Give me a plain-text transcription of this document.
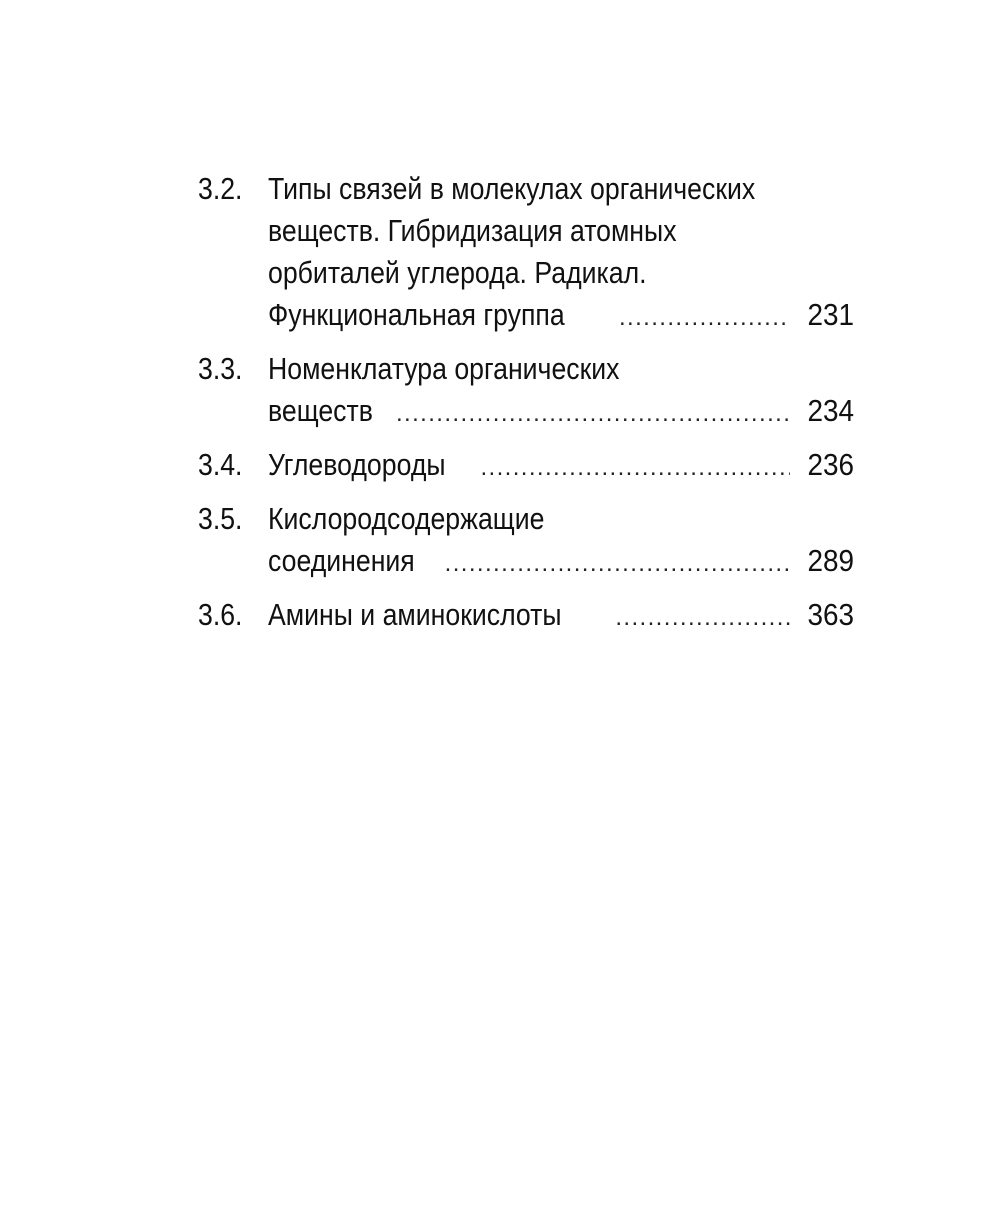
3.2. Типы связей в молекулах органических
веществ. Гибридизация атомных
орбиталей углерода. Радикал.
Функциональная группа .....	231
3.3. Номенклатура органических
веществ .....	234
3.4. Углеводороды .....	236
3.5. Кислородсодержащие
соединения .....	289
3.6. Амины и аминокислоты .....	363
